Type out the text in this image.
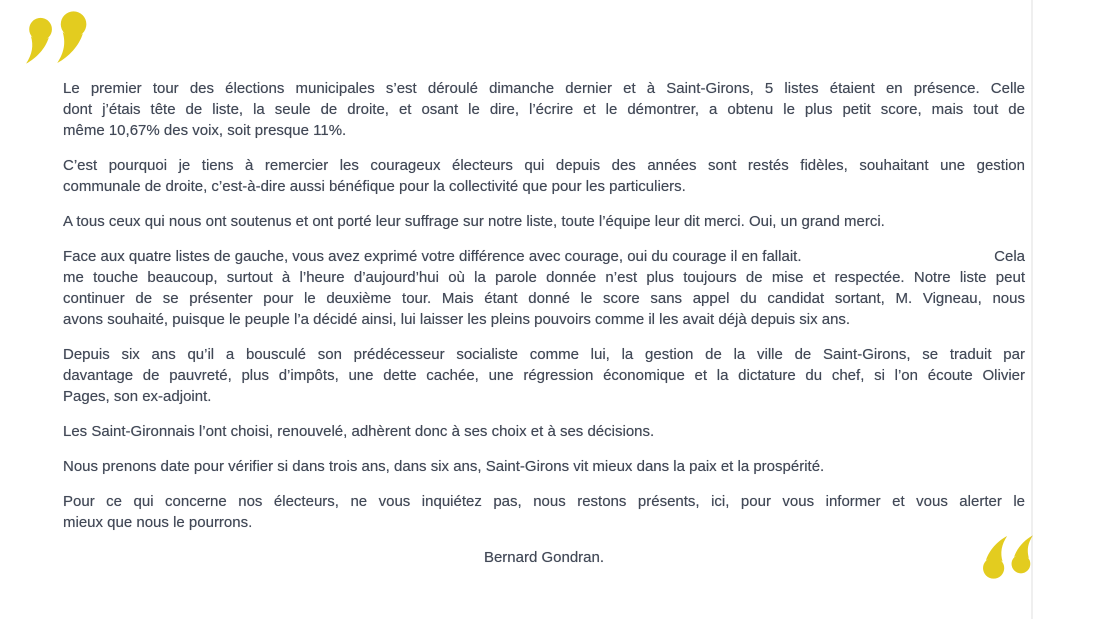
Le premier tour des élections municipales s’est déroulé dimanche dernier et à Saint-Girons, 5 listes étaient en présence. Celle
dont j’étais tête de liste, la seule de droite, et osant le dire, l’écrire et le démontrer, a obtenu le plus petit score, mais tout de
même 10,67% des voix, soit presque 11%.
C’est pourquoi je tiens à remercier les courageux électeurs qui depuis des années sont restés fidèles, souhaitant une gestion
communale de droite, c’est-à-dire aussi bénéfique pour la collectivité que pour les particuliers.
A tous ceux qui nous ont soutenus et ont porté leur suffrage sur notre liste, toute l’équipe leur dit merci. Oui, un grand merci.
Face aux quatre listes de gauche, vous avez exprimé votre différence avec courage, oui du courage il en fallait.	Cela
me touche beaucoup, surtout à l’heure d’aujourd’hui où la parole donnée n’est plus toujours de mise et respectée. Notre liste peut
continuer de se présenter pour le deuxième tour. Mais étant donné le score sans appel du candidat sortant, M. Vigneau, nous
avons souhaité, puisque le peuple l’a décidé ainsi, lui laisser les pleins pouvoirs comme il les avait déjà depuis six ans.
Depuis six ans qu’il a bousculé son prédécesseur socialiste comme lui, la gestion de la ville de Saint-Girons, se traduit par
davantage de pauvreté, plus d’impôts, une dette cachée, une régression économique et la dictature du chef, si l’on écoute Olivier
Pages, son ex-adjoint.
Les Saint-Gironnais l’ont choisi, renouvelé, adhèrent donc à ses choix et à ses décisions.
Nous prenons date pour vérifier si dans trois ans, dans six ans, Saint-Girons vit mieux dans la paix et la prospérité.
Pour ce qui concerne nos électeurs, ne vous inquiétez pas, nous restons présents, ici, pour vous informer et vous alerter le
mieux que nous le pourrons.
Bernard Gondran.
